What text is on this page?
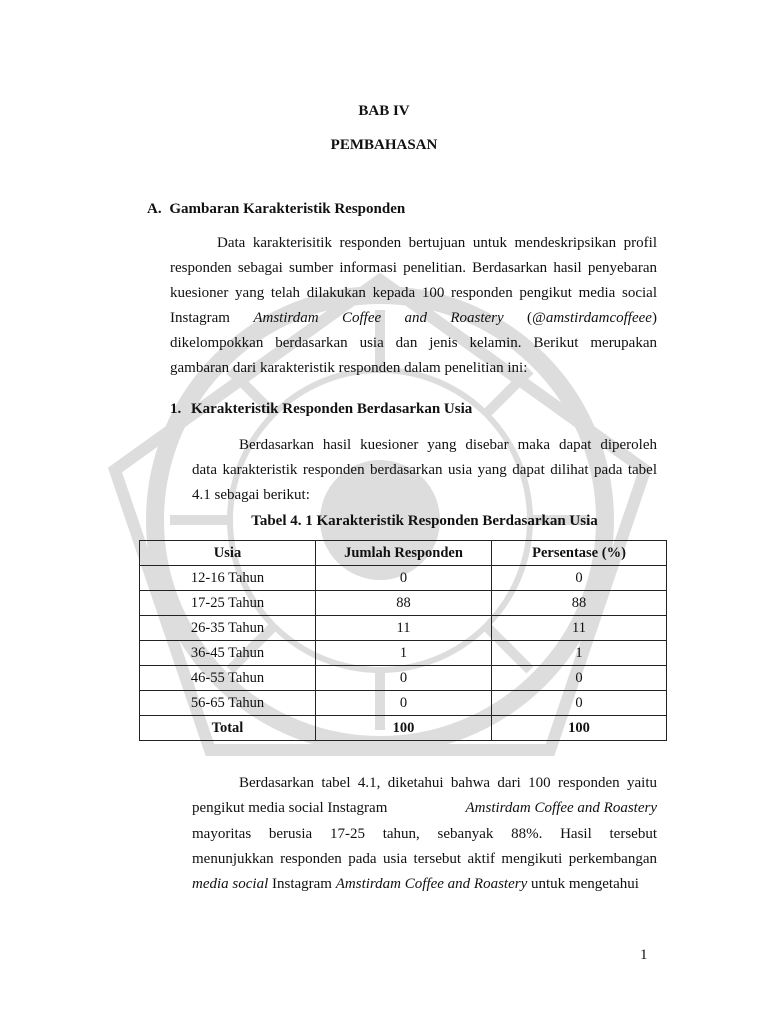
BAB IV
PEMBAHASAN
A. Gambaran Karakteristik Responden
Data karakterisitik responden bertujuan untuk mendeskripsikan profil
responden sebagai sumber informasi penelitian. Berdasarkan hasil penyebaran
kuesioner yang telah dilakukan kepada 100 responden pengikut media social
Instagram Amstirdam Coffee and Roastery (@amstirdamcoffeee)
dikelompokkan berdasarkan usia dan jenis kelamin. Berikut merupakan
gambaran dari karakteristik responden dalam penelitian ini:
1. Karakteristik Responden Berdasarkan Usia
Berdasarkan hasil kuesioner yang disebar maka dapat diperoleh
data karakteristik responden berdasarkan usia yang dapat dilihat pada tabel
4.1 sebagai berikut:
Tabel 4. 1 Karakteristik Responden Berdasarkan Usia
Usia	Jumlah Responden	Persentase (%)
12-16 Tahun	0	0
17-25 Tahun	88	88
26-35 Tahun	11	11
36-45 Tahun	1	1
46-55 Tahun	0	0
56-65 Tahun	0	0
Total	100	100
Berdasarkan tabel 4.1, diketahui bahwa dari 100 responden yaitu
pengikut media social Instagram	Amstirdam Coffee and Roastery
mayoritas berusia 17-25 tahun, sebanyak 88%. Hasil tersebut
menunjukkan responden pada usia tersebut aktif mengikuti perkembangan
media social Instagram Amstirdam Coffee and Roastery untuk mengetahui
1
